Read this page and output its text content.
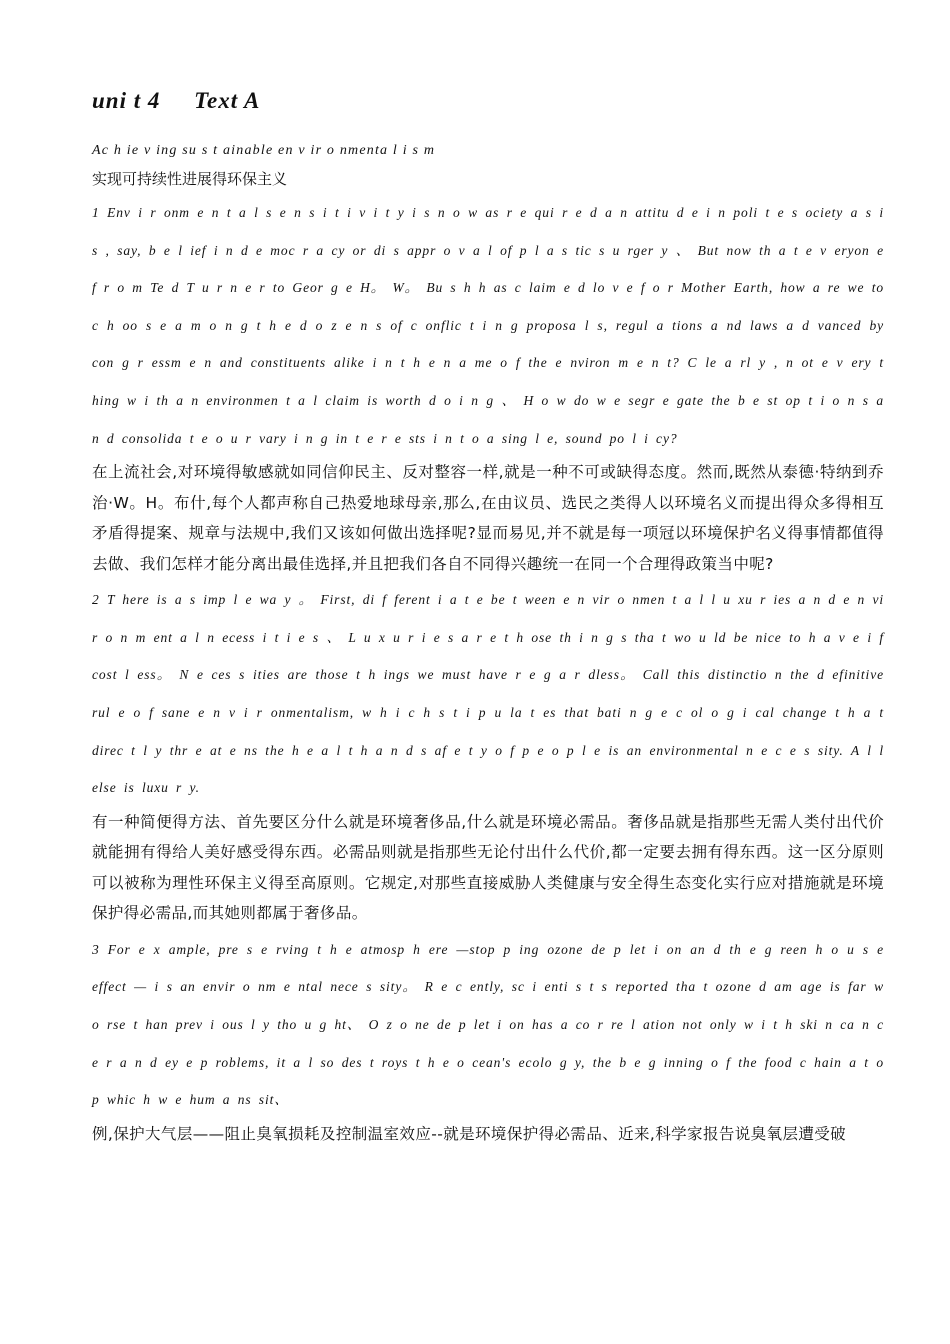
uni t 4     Text A

Ac h ie v ing su s t ainable en v ir o nmenta l i s m

实现可持续性进展得环保主义

1 Env i r onm e n t a l s e n s i t i v i t y i s n o w as r e qui r e d a n attitu d e i n poli t e s ociety a s i s , say, b e l ief i n d e moc r a cy or di s appr o v a l of p l a s tic s u rger y 、 But now th a t e v eryon e f r o m Te d T u r n e r to Geor g e H。 W。 Bu s h h as c laim e d lo v e f o r Mother Earth, how a re we to c h oo s e a m o n g t h e d o z e n s of c onflic t i n g proposa l s, regul a tions a nd laws a d vanced by con g r essm e n and constituents alike i n t h e n a me o f the e nviron m e n t? C le a rl y , n ot e v ery t hing w i th a n environmen t a l claim is worth d o i n g 、 H o w do w e segr e gate the b e st op t i o n s a n d consolida t e o u r vary i n g in t e r e sts i n t o a sing l e, sound po l i cy?

在上流社会,对环境得敏感就如同信仰民主、反对整容一样,就是一种不可或缺得态度。然而,既然从泰德·特纳到乔治·W。H。布什,每个人都声称自己热爱地球母亲,那么,在由议员、选民之类得人以环境名义而提出得众多得相互矛盾得提案、规章与法规中,我们又该如何做出选择呢?显而易见,并不就是每一项冠以环境保护名义得事情都值得去做、我们怎样才能分离出最佳选择,并且把我们各自不同得兴趣统一在同一个合理得政策当中呢?

2 T here is a s imp l e wa y 。 First, di f ferent i a t e be t ween e n vir o nmen t a l l u xu r ies a n d e n vi r o n m ent a l n ecess i t i e s 、 L u x u r i e s a r e t h ose th i n g s tha t wo u ld be nice to h a v e i f cost l ess。 N e ces s ities are those t h ings we must have r e g a r dless。 Call this distinctio n the d efinitive rul e o f sane e n v i r onmentalism, w h i c h s t i p u la t es that bati n g e c ol o g i cal change t h a t direc t l y thr e at e ns the h e a l t h a n d s af e t y o f p e o p l e is an environmental n e c e s sity. A l l else is luxu r y.

有一种简便得方法、首先要区分什么就是环境奢侈品,什么就是环境必需品。奢侈品就是指那些无需人类付出代价就能拥有得给人美好感受得东西。必需品则就是指那些无论付出什么代价,都一定要去拥有得东西。这一区分原则可以被称为理性环保主义得至高原则。它规定,对那些直接威胁人类健康与安全得生态变化实行应对措施就是环境保护得必需品,而其她则都属于奢侈品。

3 For e x ample, pre s e rving t h e atmosp h ere —stop p ing ozone de p let i on an d th e g reen h o u s e effect — i s an envir o nm e ntal nece s sity。 R e c ently, sc i enti s t s reported tha t ozone d am age is far w o rse t han prev i ous l y tho u g ht、 O z o ne de p let i on has a co r re l ation not only w i t h ski n ca n c e r a n d ey e p roblems, it a l so des t roys t h e o cean's ecolo g y, the b e g inning o f the food c hain a t o p whic h w e hum a ns sit、

例,保护大气层——阻止臭氧损耗及控制温室效应--就是环境保护得必需品、近来,科学家报告说臭氧层遭受破
